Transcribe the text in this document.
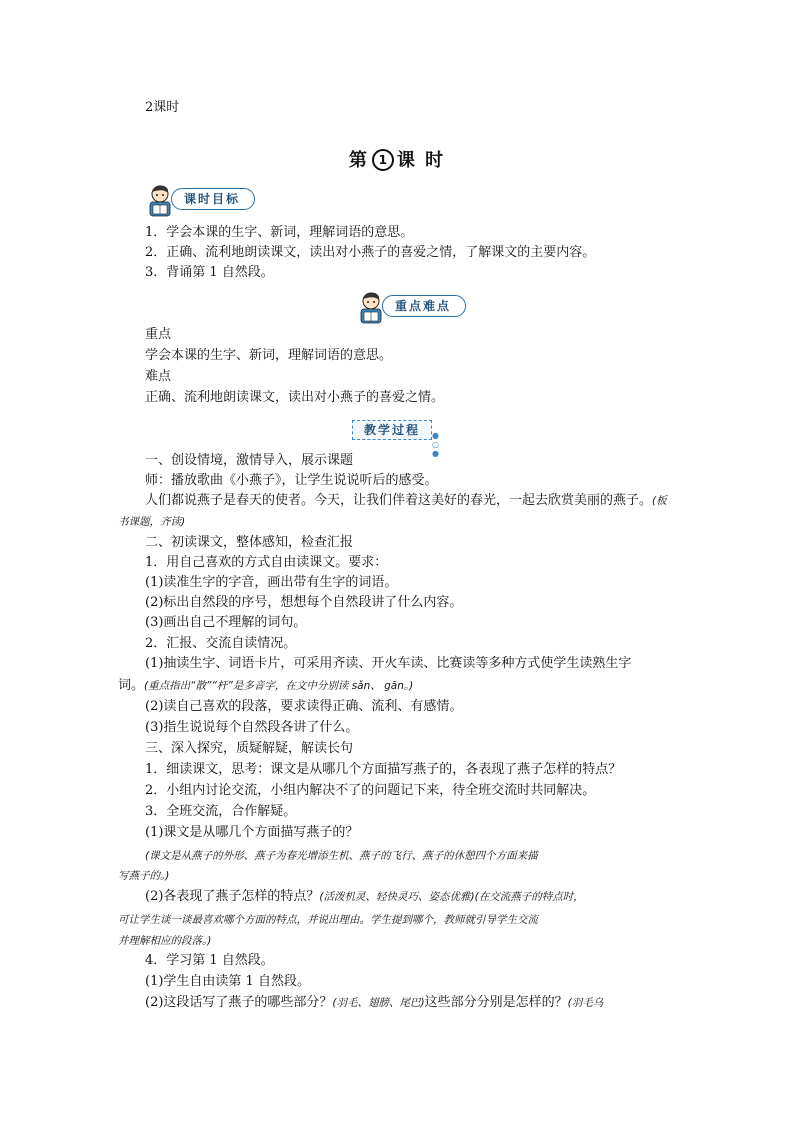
2课时
第 1 课 时
课时目标
1．学会本课的生字、新词，理解词语的意思。
2．正确、流利地朗读课文，读出对小燕子的喜爱之情，了解课文的主要内容。
3．背诵第 1 自然段。
重点难点
重点
学会本课的生字、新词，理解词语的意思。
难点
正确、流利地朗读课文，读出对小燕子的喜爱之情。
教学过程	● ○ ●
一、创设情境，激情导入，展示课题
师：播放歌曲《小燕子》，让学生说说听后的感受。
人们都说燕子是春天的使者。今天，让我们伴着这美好的春光，一起去欣赏美丽的燕子。(板
书课题，齐读)
二、初读课文，整体感知，检查汇报
1．用自己喜欢的方式自由读课文。要求：
(1)读准生字的字音，画出带有生字的词语。
(2)标出自然段的序号，想想每个自然段讲了什么内容。
(3)画出自己不理解的词句。
2．汇报、交流自读情况。
(1)抽读生字、词语卡片，可采用齐读、开火车读、比赛读等多种方式使学生读熟生字
词。(重点指出“散”“杆”是多音字，在文中分别读 sǎn、 gān。)
(2)读自己喜欢的段落，要求读得正确、流利、有感情。
(3)指生说说每个自然段各讲了什么。
三、深入探究，质疑解疑，解读长句
1．细读课文，思考：课文是从哪几个方面描写燕子的，各表现了燕子怎样的特点？
2．小组内讨论交流，小组内解决不了的问题记下来，待全班交流时共同解决。
3．全班交流，合作解疑。
(1)课文是从哪几个方面描写燕子的？
(课文是从燕子的外形、燕子为春光增添生机、燕子的飞行、燕子的休憩四个方面来描
写燕子的。)
(2)各表现了燕子怎样的特点？(活泼机灵、轻快灵巧、姿态优雅)(在交流燕子的特点时，
可让学生谈一谈最喜欢哪个方面的特点，并说出理由。学生提到哪个，教师就引导学生交流
并理解相应的段落。)
4．学习第 1 自然段。
(1)学生自由读第 1 自然段。
(2)这段话写了燕子的哪些部分？(羽毛、翅膀、尾巴)这些部分分别是怎样的？(羽毛乌
